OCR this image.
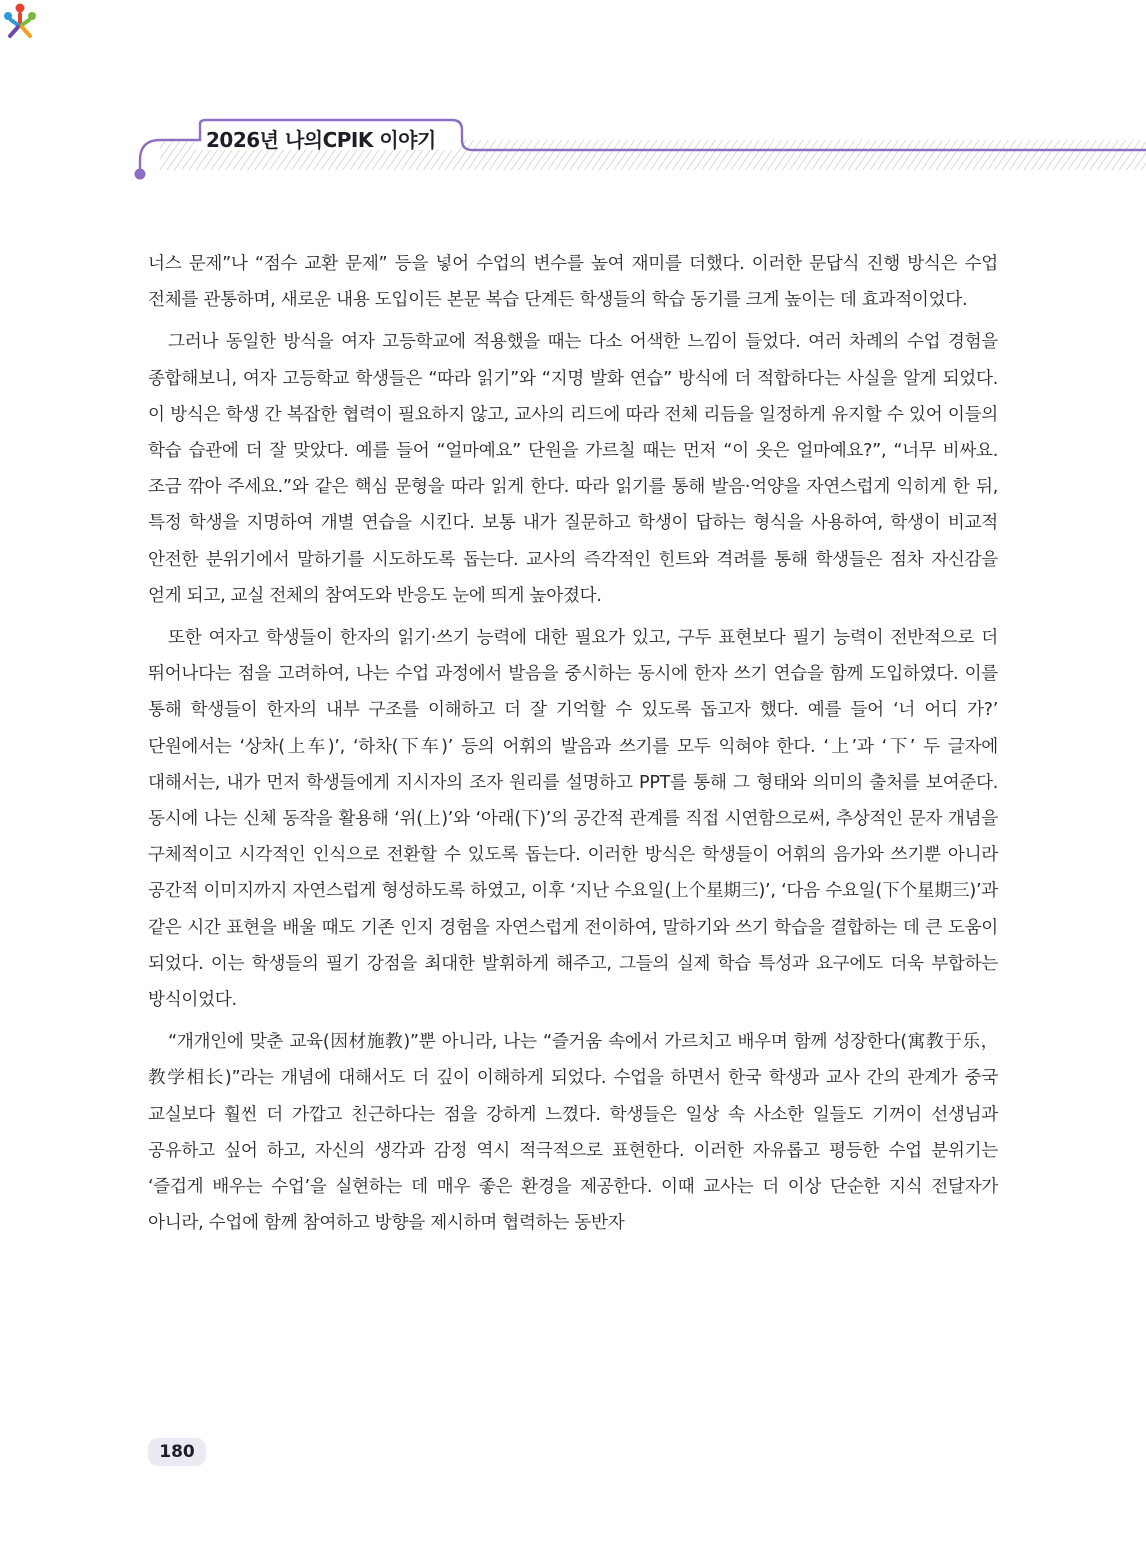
2026년 나의CPIK 이야기

너스 문제”나 “점수 교환 문제” 등을 넣어 수업의 변수를 높여 재미를 더했다. 이러한 문답식 진행 방식은 수업 전체를 관통하며, 새로운 내용 도입이든 본문 복습 단계든 학생들의 학습 동기를 크게 높이는 데 효과적이었다.

그러나 동일한 방식을 여자 고등학교에 적용했을 때는 다소 어색한 느낌이 들었다. 여러 차례의 수업 경험을 종합해보니, 여자 고등학교 학생들은 “따라 읽기”와 “지명 발화 연습” 방식에 더 적합하다는 사실을 알게 되었다. 이 방식은 학생 간 복잡한 협력이 필요하지 않고, 교사의 리드에 따라 전체 리듬을 일정하게 유지할 수 있어 이들의 학습 습관에 더 잘 맞았다. 예를 들어 “얼마예요” 단원을 가르칠 때는 먼저 “이 옷은 얼마예요?”, “너무 비싸요. 조금 깎아 주세요.”와 같은 핵심 문형을 따라 읽게 한다. 따라 읽기를 통해 발음·억양을 자연스럽게 익히게 한 뒤, 특정 학생을 지명하여 개별 연습을 시킨다. 보통 내가 질문하고 학생이 답하는 형식을 사용하여, 학생이 비교적 안전한 분위기에서 말하기를 시도하도록 돕는다. 교사의 즉각적인 힌트와 격려를 통해 학생들은 점차 자신감을 얻게 되고, 교실 전체의 참여도와 반응도 눈에 띄게 높아졌다.

또한 여자고 학생들이 한자의 읽기·쓰기 능력에 대한 필요가 있고, 구두 표현보다 필기 능력이 전반적으로 더 뛰어나다는 점을 고려하여, 나는 수업 과정에서 발음을 중시하는 동시에 한자 쓰기 연습을 함께 도입하였다. 이를 통해 학생들이 한자의 내부 구조를 이해하고 더 잘 기억할 수 있도록 돕고자 했다. 예를 들어 ‘너 어디 가?’ 단원에서는 ‘상차(上车)’, ‘하차(下车)’ 등의 어휘의 발음과 쓰기를 모두 익혀야 한다. ‘上’과 ‘下’ 두 글자에 대해서는, 내가 먼저 학생들에게 지시자의 조자 원리를 설명하고 PPT를 통해 그 형태와 의미의 출처를 보여준다. 동시에 나는 신체 동작을 활용해 ‘위(上)’와 ‘아래(下)’의 공간적 관계를 직접 시연함으로써, 추상적인 문자 개념을 구체적이고 시각적인 인식으로 전환할 수 있도록 돕는다. 이러한 방식은 학생들이 어휘의 음가와 쓰기뿐 아니라 공간적 이미지까지 자연스럽게 형성하도록 하였고, 이후 ‘지난 수요일(上个星期三)’, ‘다음 수요일(下个星期三)’과 같은 시간 표현을 배울 때도 기존 인지 경험을 자연스럽게 전이하여, 말하기와 쓰기 학습을 결합하는 데 큰 도움이 되었다. 이는 학생들의 필기 강점을 최대한 발휘하게 해주고, 그들의 실제 학습 특성과 요구에도 더욱 부합하는 방식이었다.

“개개인에 맞춘 교육(因材施教)”뿐 아니라, 나는 “즐거움 속에서 가르치고 배우며 함께 성장한다(寓教于乐，教学相长)”라는 개념에 대해서도 더 깊이 이해하게 되었다. 수업을 하면서 한국 학생과 교사 간의 관계가 중국 교실보다 훨씬 더 가깝고 친근하다는 점을 강하게 느꼈다. 학생들은 일상 속 사소한 일들도 기꺼이 선생님과 공유하고 싶어 하고, 자신의 생각과 감정 역시 적극적으로 표현한다. 이러한 자유롭고 평등한 수업 분위기는 ‘즐겁게 배우는 수업’을 실현하는 데 매우 좋은 환경을 제공한다. 이때 교사는 더 이상 단순한 지식 전달자가 아니라, 수업에 함께 참여하고 방향을 제시하며 협력하는 동반자

180
